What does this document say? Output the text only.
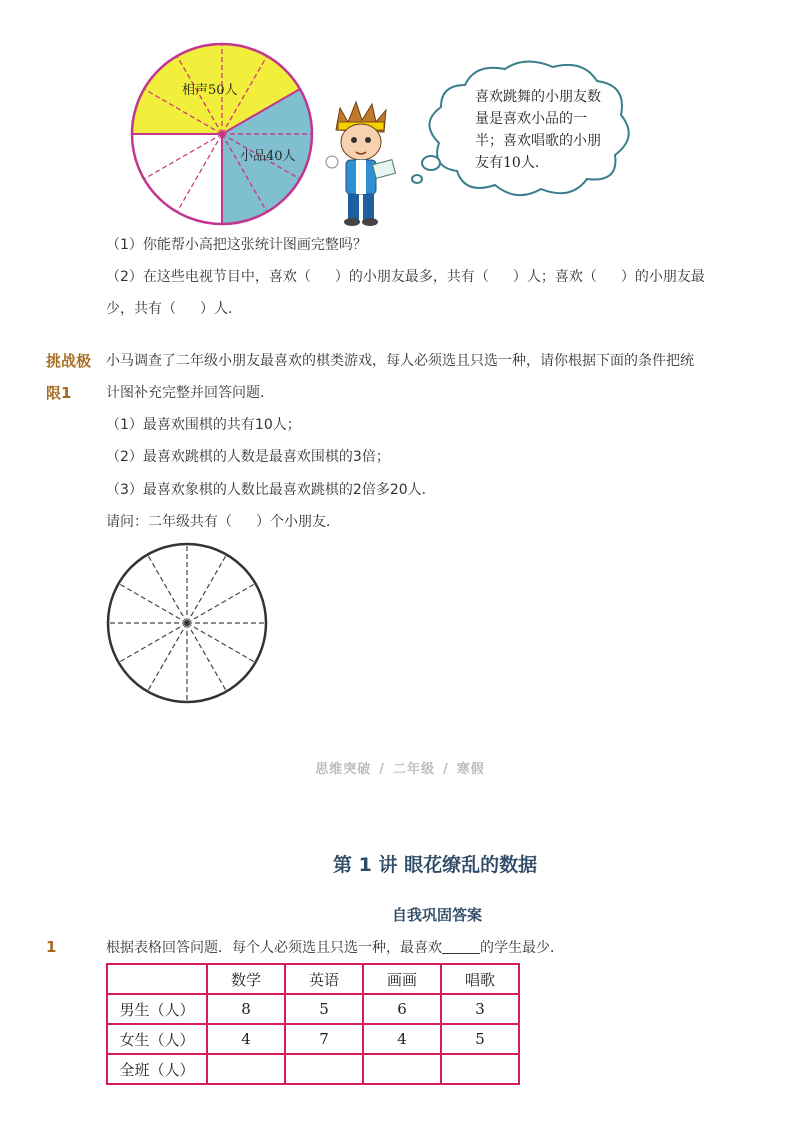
相声50人
小品40人
喜欢跳舞的小朋友数量是喜欢小品的一半；喜欢唱歌的小朋友有10人.
（1）你能帮小高把这张统计图画完整吗？
（2）在这些电视节目中，喜欢（ ）的小朋友最多，共有（ ）人；喜欢（ ）的小朋友最
少，共有（ ）人．
挑战极
限1
小马调查了二年级小朋友最喜欢的棋类游戏，每人必须选且只选一种，请你根据下面的条件把统
计图补充完整并回答问题．
（1）最喜欢围棋的共有10人；
（2）最喜欢跳棋的人数是最喜欢围棋的3倍；
（3）最喜欢象棋的人数比最喜欢跳棋的2倍多20人．
请问：二年级共有（ ）个小朋友．
思维突破 / 二年级 / 寒假
第 1 讲 眼花缭乱的数据
自我巩固答案
1	根据表格回答问题．每个人必须选且只选一种，最喜欢	的学生最少．
	数学	英语	画画	唱歌
男生（人）	8	5	6	3
女生（人）	4	7	4	5
全班（人）				
